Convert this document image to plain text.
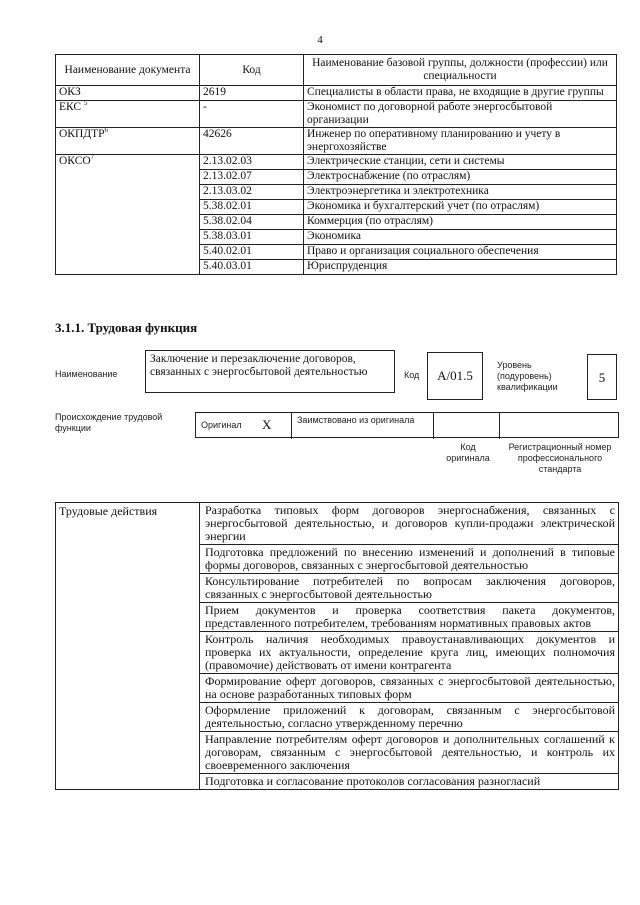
4
Наименование документа	Код	Наименование базовой группы, должности (профессии) или специальности
ОКЗ	2619	Специалисты в области права, не входящие в другие группы
ЕКС $^5$	-	Экономист по договорной работе энергосбытовой организации
ОКПДТР$^6$	42626	Инженер по оперативному планированию и учету в энергохозяйстве
ОКСО$^7$	2.13.02.03	Электрические станции, сети и системы
	2.13.02.07	Электроснабжение (по отраслям)
	2.13.03.02	Электроэнергетика и электротехника
	5.38.02.01	Экономика и бухгалтерский учет (по отраслям)
	5.38.02.04	Коммерция (по отраслям)
	5.38.03.01	Экономика
	5.40.02.01	Право и организация социального обеспечения
	5.40.03.01	Юриспруденция
3.1.1. Трудовая функция
Наименование
Заключение и перезаключение договоров, связанных с энергосбытовой деятельностью	Код	А/01.5
Уровень (подуровень) квалификации
5
Происхождение трудовой функции	Оригинал X	Заимствовано из оригинала
Код оригинала
Регистрационный номер профессионального стандарта
Трудовые действия	Разработка типовых форм договоров энергоснабжения, связанных с энергосбытовой деятельностью, и договоров купли-продажи электрической энергии
Подготовка предложений по внесению изменений и дополнений в типовые формы договоров, связанных с энергосбытовой деятельностью
Консультирование потребителей по вопросам заключения договоров, связанных с энергосбытовой деятельностью
Прием документов и проверка соответствия пакета документов, представленного потребителем, требованиям нормативных правовых актов
Контроль наличия необходимых правоустанавливающих документов и проверка их актуальности, определение круга лиц, имеющих полномочия (правомочие) действовать от имени контрагента
Формирование оферт договоров, связанных с энергосбытовой деятельностью, на основе разработанных типовых форм
Оформление приложений к договорам, связанным с энергосбытовой деятельностью, согласно утвержденному перечню
Направление потребителям оферт договоров и дополнительных соглашений к договорам, связанным с энергосбытовой деятельностью, и контроль их своевременного заключения
Подготовка и согласование протоколов согласования разногласий
